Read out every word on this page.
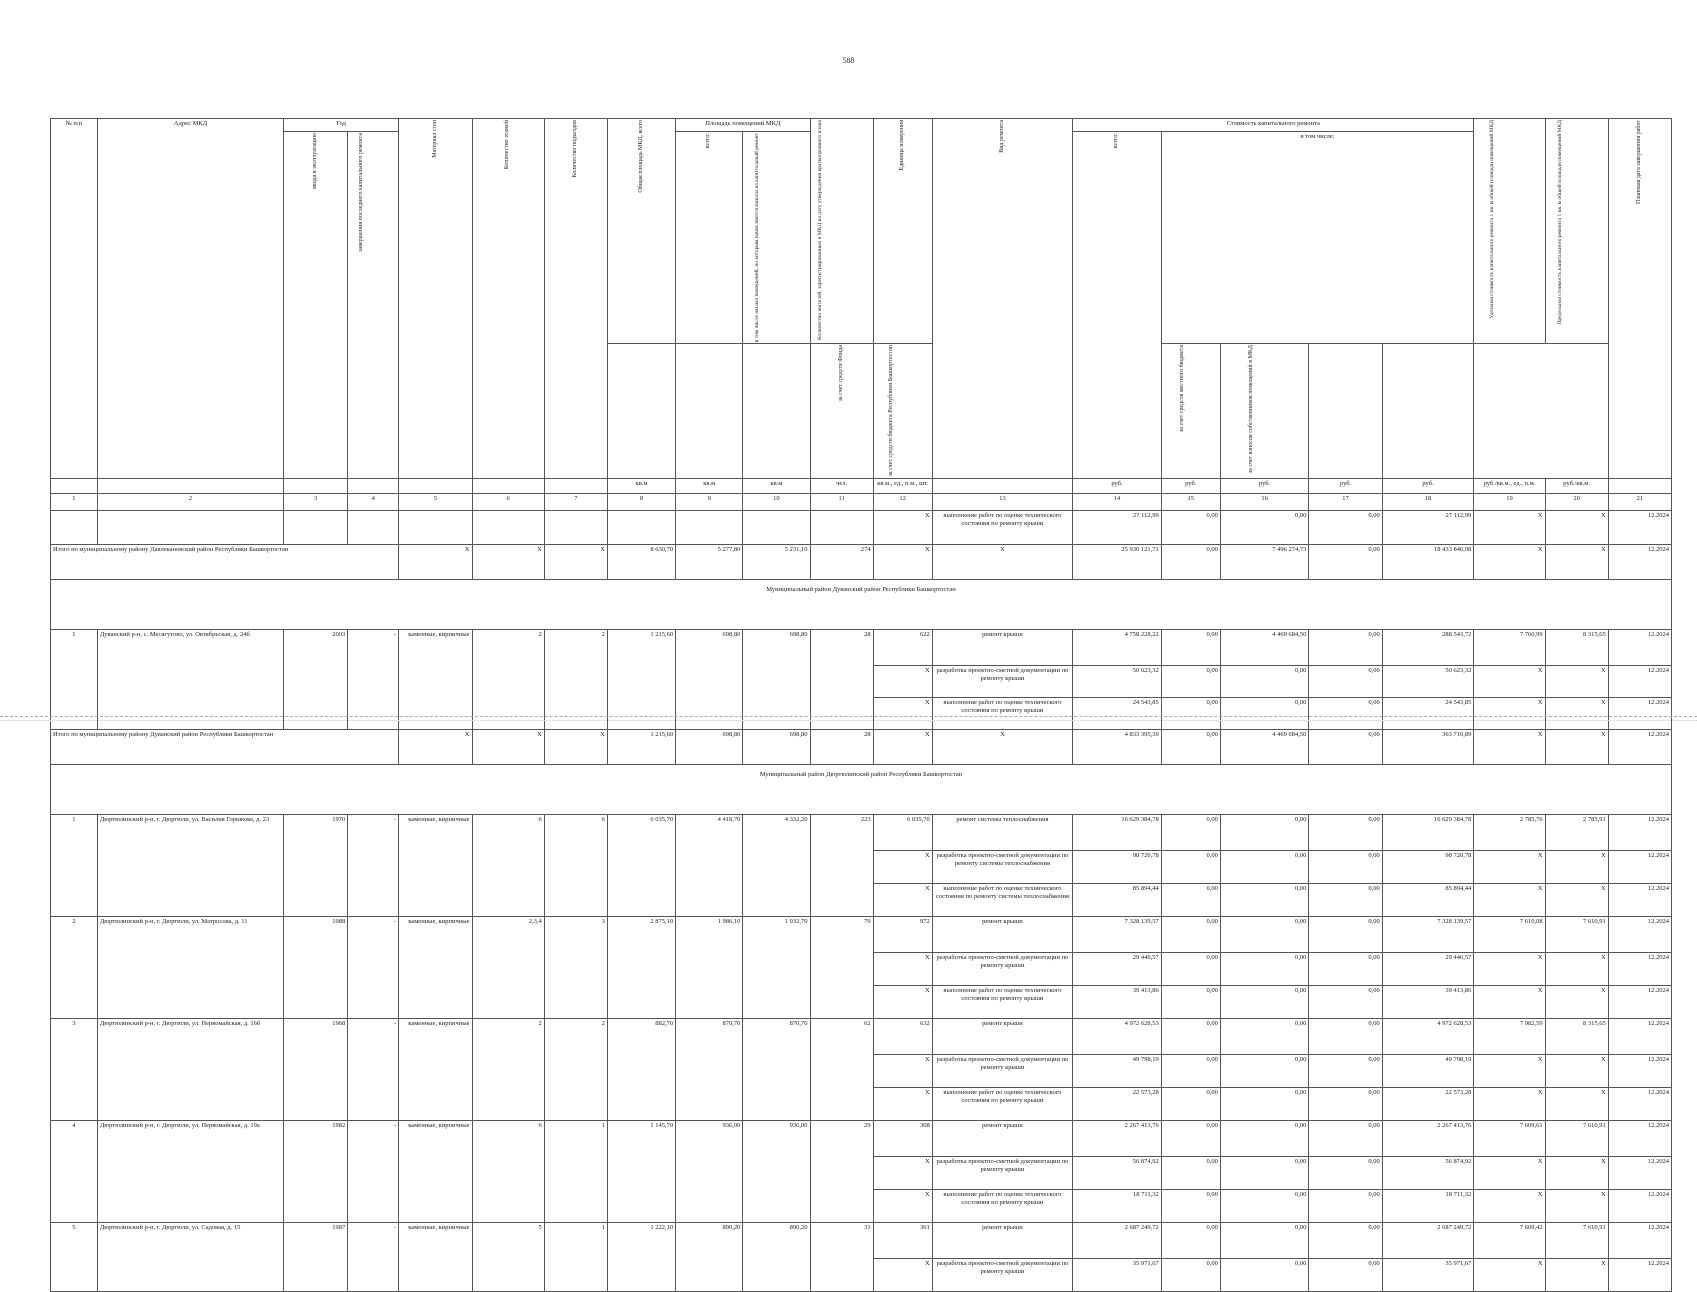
588
№ п/п	Адрес МКД	Год		Материал стен	Количество этажей	Количество подъездов	Общая площадь МКД, всего	Площадь помещений МКД		Количество жителей, зарегистрированных в МКД на дату утверждения краткосрочного плана	Единица измерения	Вид ремонта	Стоимость капитального ремонта					Удельная стоимость капитального ремонта 1 кв. м общей площади помещений МКД	Предельная стоимость капитального ремонта 1 кв. м общей площади помещений МКД	Плановая дата завершения работ

		ввода в эксплуатацию	завершения последнего капитального ремонта					всего:	в том числе жилых помещений, по которым начисляются взносы на капитальный ремонт				всего:	в том числе:						

										за счет средств Фонда	за счет средств бюджета Республики Башкортостан			за счет средств местного бюджета	за счет взносов собственников помещений в МКД					

							кв.м	кв.м	кв.м	чел.	кв.м., ед., п.м., шт.		руб.	руб.	руб.	руб.	руб.	руб./кв.м., ед., п.м.	руб./кв.м.	
1	2	3	4	5	6	7	8	9	10	11	12	13	14	15	16	17	18	19	20	21
											Х	выполнение работ по оценке технического состояния по ремонту крыши	27 112,99	0,00	0,00	0,00	27 112,99	Х	Х	12.2024
Итого по муниципальному району Давлекановский район Республики Башкортостан				Х	Х	Х	8 630,70	5 277,80	5 231,10	274	Х	Х	25 930 121,71	0,00	7 496 274,73	0,00	18 433 846,98	Х	Х	12.2024
Муниципальный район Дуванский район Республики Башкортостан																				
1	Дуванский р-н, с. Месягутово, ул. Октябрьская, д. 24б	2003	-	каменные, кирпичные	2	2	1 215,60	698,80	698,80	28	622	ремонт крыши	4 758 228,22	0,00	4 469 684,50	0,00	288 543,72	7 766,99	8 315,65	12.2024
											Х	разработка проектно-сметной документации по ремонту крыши	50 623,32	0,00	0,00	0,00	50 623,32	Х	Х	12.2024
											Х	выполнение работ по оценке технического состояния по ремонту крыши	24 543,85	0,00	0,00	0,00	24 543,85	Х	Х	12.2024
Итого по муниципальному району Дуванский район Республики Башкортостан				Х	Х	Х	1 215,60	698,80	698,80	28	Х	Х	4 833 395,39	0,00	4 469 684,50	0,00	363 710,89	Х	Х	12.2024
Муниципальный район Дюртюлинский район Республики Башкортостан																				
1	Дюртюлинский р-н, г. Дюртюли, ул. Василия Горшкова, д. 23	1970	-	каменные, кирпичные	6	6	6 035,70	4 418,70	4 332,20	223	6 035,70	ремонт системы теплоснабжения	16 629 384,78	0,00	0,00	0,00	16 629 384,78	2 785,76	2 785,91	12.2024
											Х	разработка проектно-сметной документации по ремонту системы теплоснабжения	98 720,78	0,00	0,00	0,00	98 720,78	Х	Х	12.2024
											Х	выполнение работ по оценке технического состояния по ремонту системы теплоснабжения	85 894,44	0,00	0,00	0,00	85 894,44	Х	Х	12.2024
2	Дюртюлинский р-н, г. Дюртюли, ул. Матросова, д. 11	1988	-	каменные, кирпичные	2,3,4	3	2 875,10	1 986,10	1 932,70	79	972	ремонт крыши	7 328 139,57	0,00	0,00	0,00	7 328 139,57	7 610,08	7 610,91	12.2024
											Х	разработка проектно-сметной документации по ремонту крыши	29 446,57	0,00	0,00	0,00	29 446,57	Х	Х	12.2024
											Х	выполнение работ по оценке технического состояния по ремонту крыши	39 413,86	0,00	0,00	0,00	39 413,86	Х	Х	12.2024
3	Дюртюлинский р-н, г. Дюртюли, ул. Первомайская, д. 16б	1968	-	каменные, кирпичные	2	2	882,70	870,70	870,70	62	632	ремонт крыши	4 972 628,53	0,00	0,00	0,00	4 972 628,53	7 982,59	8 315,65	12.2024
											Х	разработка проектно-сметной документации по ремонту крыши	49 798,19	0,00	0,00	0,00	49 798,19	Х	Х	12.2024
											Х	выполнение работ по оценке технического состояния по ремонту крыши	22 573,28	0,00	0,00	0,00	22 573,28	Х	Х	12.2024
4	Дюртюлинский р-н, г. Дюртюли, ул. Первомайская, д. 19а	1982	-	каменные, кирпичные	6	1	1 145,70	936,00	936,00	29	308	ремонт крыши	2 267 413,76	0,00	0,00	0,00	2 267 413,76	7 609,61	7 610,91	12.2024
											Х	разработка проектно-сметной документации по ремонту крыши	56 874,92	0,00	0,00	0,00	56 874,92	Х	Х	12.2024
											Х	выполнение работ по оценке технического состояния по ремонту крыши	18 711,32	0,00	0,00	0,00	18 711,32	Х	Х	12.2024
5	Дюртюлинский р-н, г. Дюртюли, ул. Садовая, д. 15	1987	-	каменные, кирпичные	5	1	1 222,10	890,20	890,20	31	361	ремонт крыши	2 687 249,72	0,00	0,00	0,00	2 687 249,72	7 609,42	7 610,91	12.2024
											Х	разработка проектно-сметной документации по ремонту крыши	35 971,67	0,00	0,00	0,00	35 971,67	Х	Х	12.2024
